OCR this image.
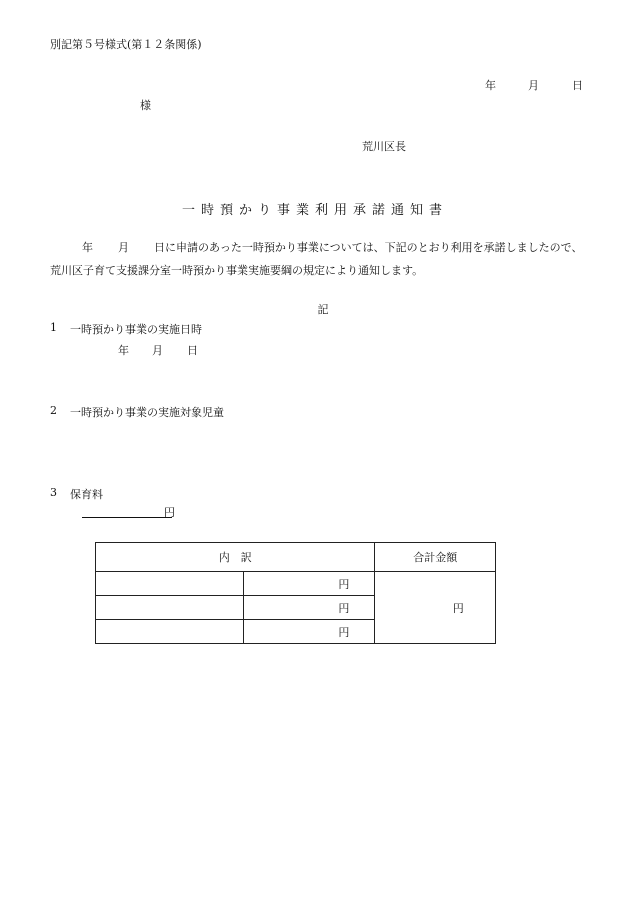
別記第５号様式(第１２条関係)
年	月	日
様
荒川区長
一時預かり事業利用承諾通知書
年 月 日に申請のあった一時預かり事業については、下記のとおり利用を承諾しましたので、
荒川区子育て支援課分室一時預かり事業実施要綱の規定により通知します。
記
1 一時預かり事業の実施日時
年 月 日
2 一時預かり事業の実施対象児童
3 保育料
円
内　訳		合計金額
	円	円
	円	
	円	
